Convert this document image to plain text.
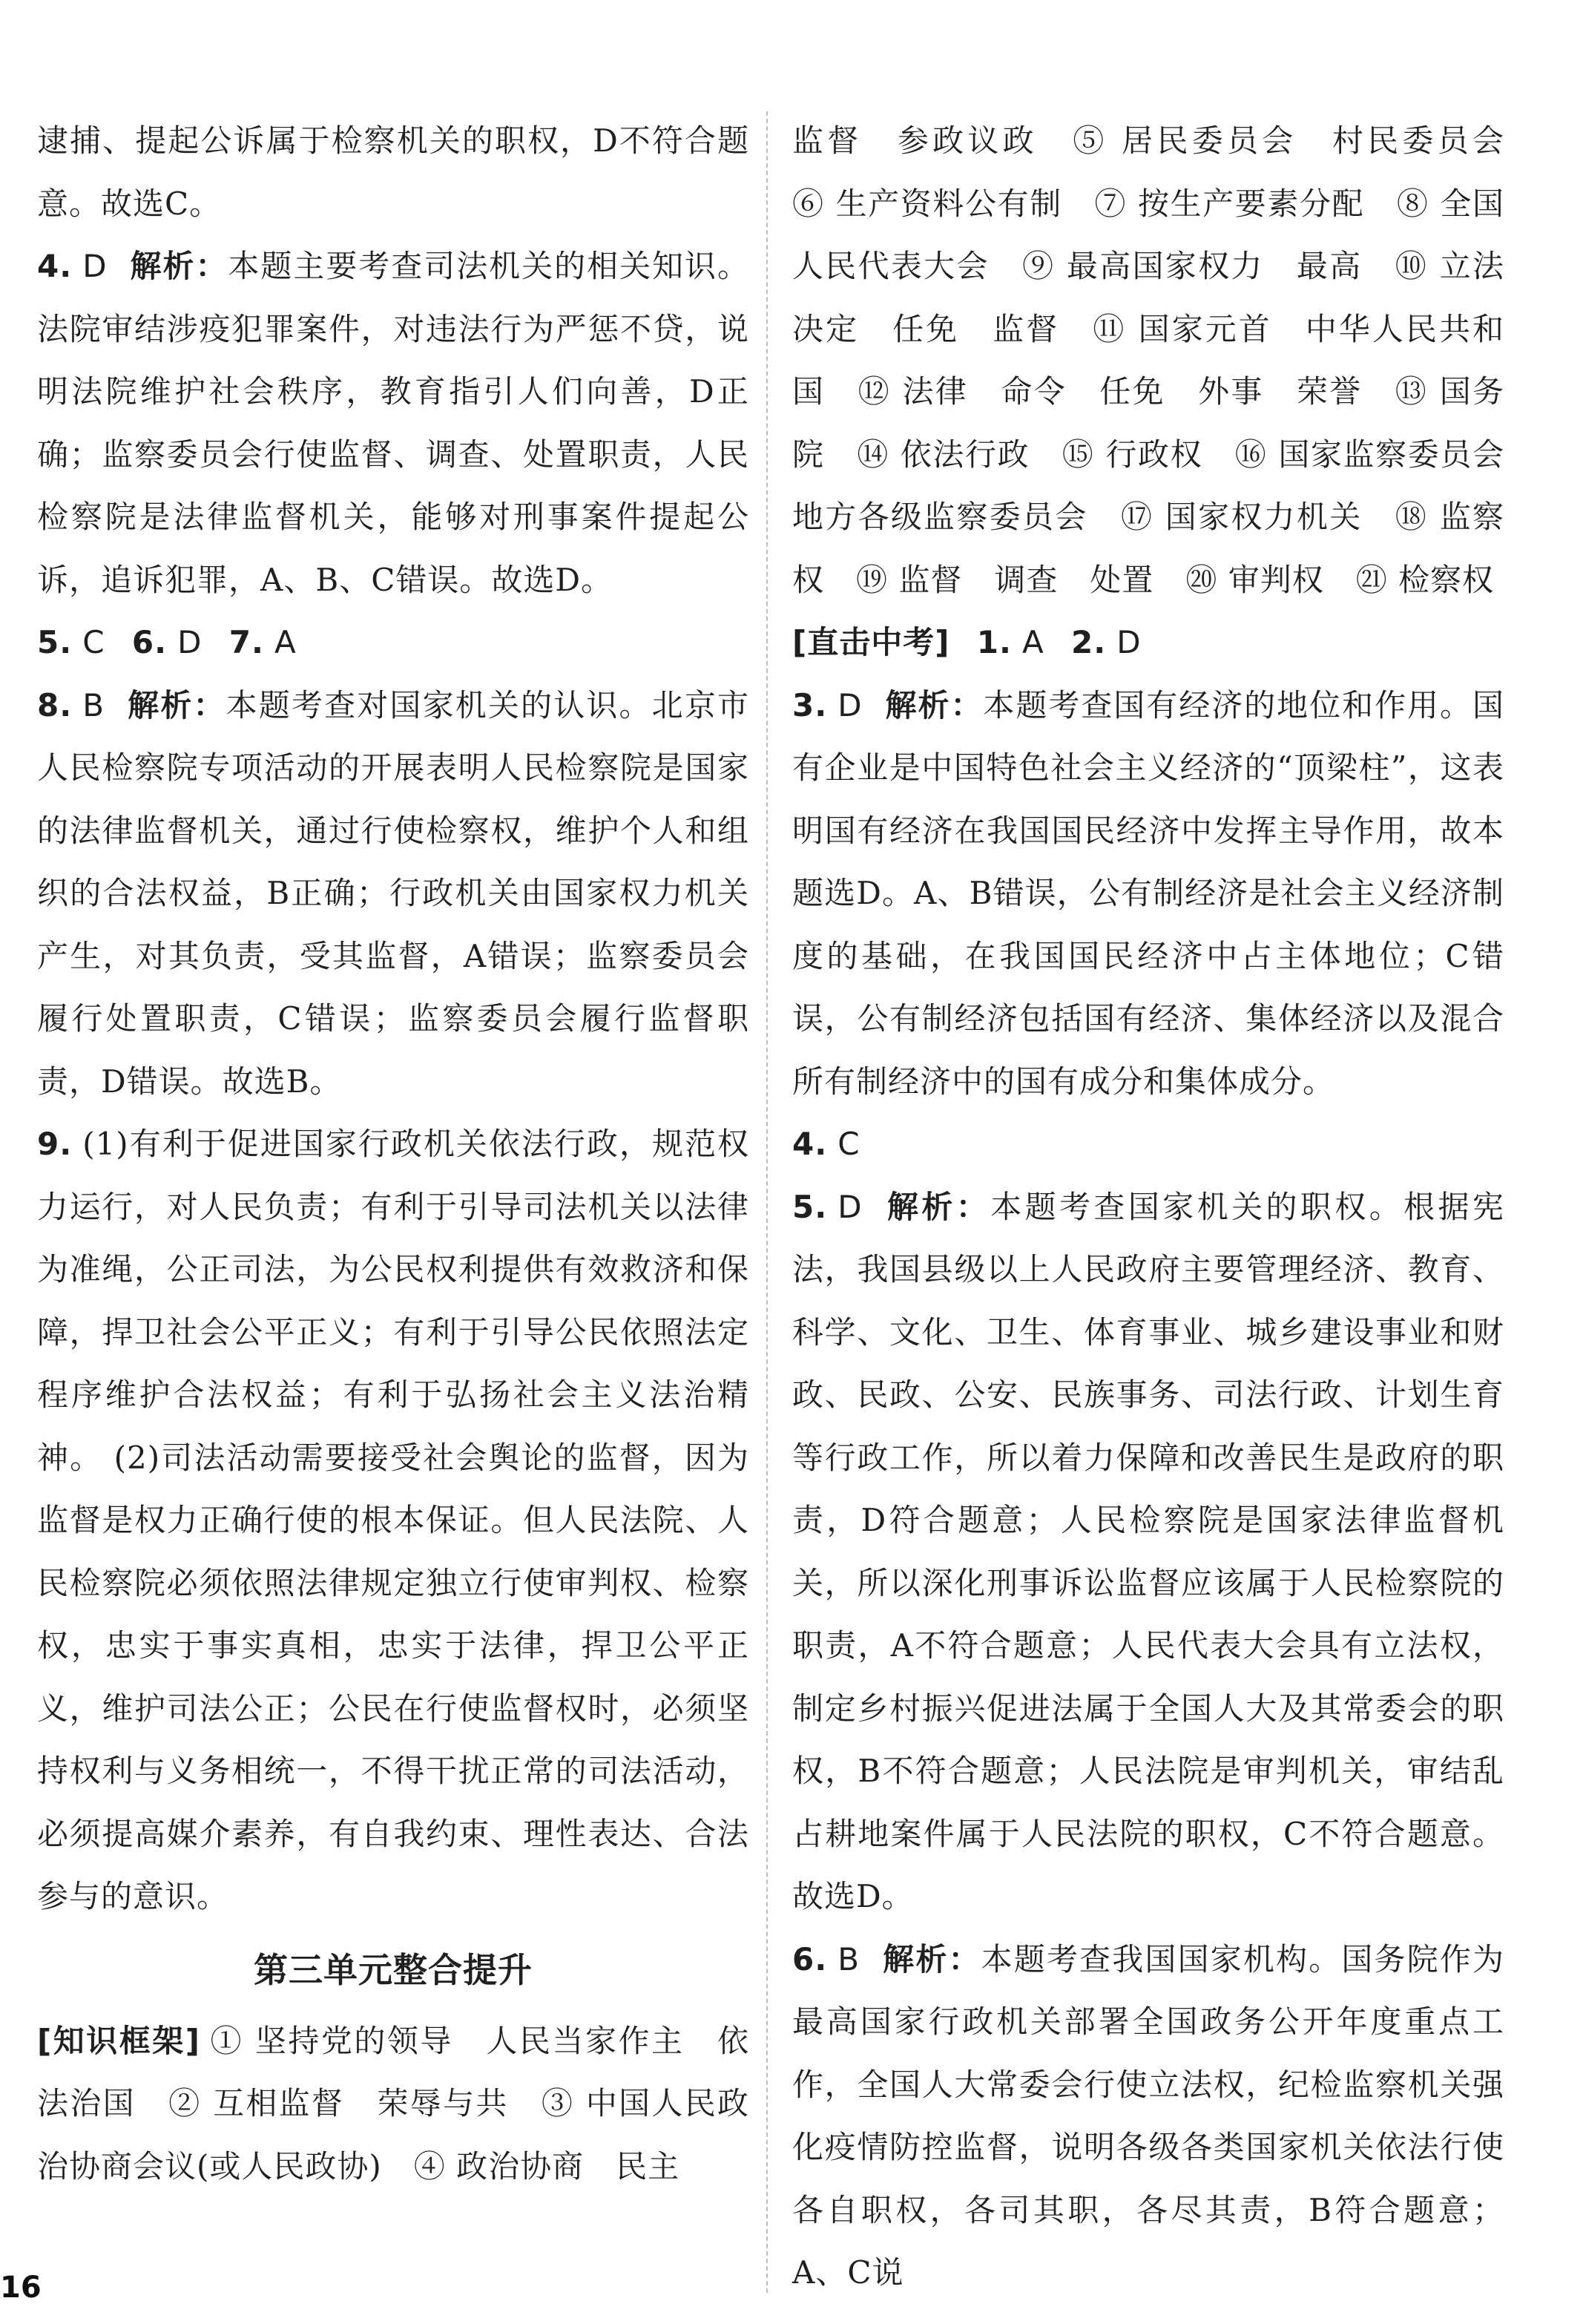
逮捕、提起公诉属于检察机关的职权，D不符合题意。故选C。

4. D 解析：本题主要考查司法机关的相关知识。法院审结涉疫犯罪案件，对违法行为严惩不贷，说明法院维护社会秩序，教育指引人们向善，D正确；监察委员会行使监督、调查、处置职责，人民检察院是法律监督机关，能够对刑事案件提起公诉，追诉犯罪，A、B、C错误。故选D。

5. C 6. D 7. A

8. B 解析：本题考查对国家机关的认识。北京市人民检察院专项活动的开展表明人民检察院是国家的法律监督机关，通过行使检察权，维护个人和组织的合法权益，B正确；行政机关由国家权力机关产生，对其负责，受其监督，A错误；监察委员会履行处置职责，C错误；监察委员会履行监督职责，D错误。故选B。

9. (1)有利于促进国家行政机关依法行政，规范权力运行，对人民负责；有利于引导司法机关以法律为准绳，公正司法，为公民权利提供有效救济和保障，捍卫社会公平正义；有利于引导公民依照法定程序维护合法权益；有利于弘扬社会主义法治精神。 (2)司法活动需要接受社会舆论的监督，因为监督是权力正确行使的根本保证。但人民法院、人民检察院必须依照法律规定独立行使审判权、检察权，忠实于事实真相，忠实于法律，捍卫公平正义，维护司法公正；公民在行使监督权时，必须坚持权利与义务相统一，不得干扰正常的司法活动，必须提高媒介素养，有自我约束、理性表达、合法参与的意识。

第三单元整合提升

[知识框架] ① 坚持党的领导　人民当家作主　依法治国　② 互相监督　荣辱与共　③ 中国人民政治协商会议(或人民政协)　④ 政治协商　民主

监督　参政议政　⑤ 居民委员会　村民委员会　⑥ 生产资料公有制　⑦ 按生产要素分配　⑧ 全国人民代表大会　⑨ 最高国家权力　最高　⑩ 立法　决定　任免　监督　⑪ 国家元首　中华人民共和国　⑫ 法律　命令　任免　外事　荣誉　⑬ 国务院　⑭ 依法行政　⑮ 行政权　⑯ 国家监察委员会　地方各级监察委员会　⑰ 国家权力机关　⑱ 监察权　⑲ 监督　调查　处置　⑳ 审判权　㉑ 检察权

[直击中考] 1. A 2. D

3. D 解析：本题考查国有经济的地位和作用。国有企业是中国特色社会主义经济的“顶梁柱”，这表明国有经济在我国国民经济中发挥主导作用，故本题选D。A、B错误，公有制经济是社会主义经济制度的基础，在我国国民经济中占主体地位；C错误，公有制经济包括国有经济、集体经济以及混合所有制经济中的国有成分和集体成分。

4. C

5. D 解析：本题考查国家机关的职权。根据宪法，我国县级以上人民政府主要管理经济、教育、科学、文化、卫生、体育事业、城乡建设事业和财政、民政、公安、民族事务、司法行政、计划生育等行政工作，所以着力保障和改善民生是政府的职责，D符合题意；人民检察院是国家法律监督机关，所以深化刑事诉讼监督应该属于人民检察院的职责，A不符合题意；人民代表大会具有立法权，制定乡村振兴促进法属于全国人大及其常委会的职权，B不符合题意；人民法院是审判机关，审结乱占耕地案件属于人民法院的职权，C不符合题意。故选D。

6. B 解析：本题考查我国国家机构。国务院作为最高国家行政机关部署全国政务公开年度重点工作，全国人大常委会行使立法权，纪检监察机关强化疫情防控监督，说明各级各类国家机关依法行使各自职权，各司其职，各尽其责，B符合题意；A、C说

16
